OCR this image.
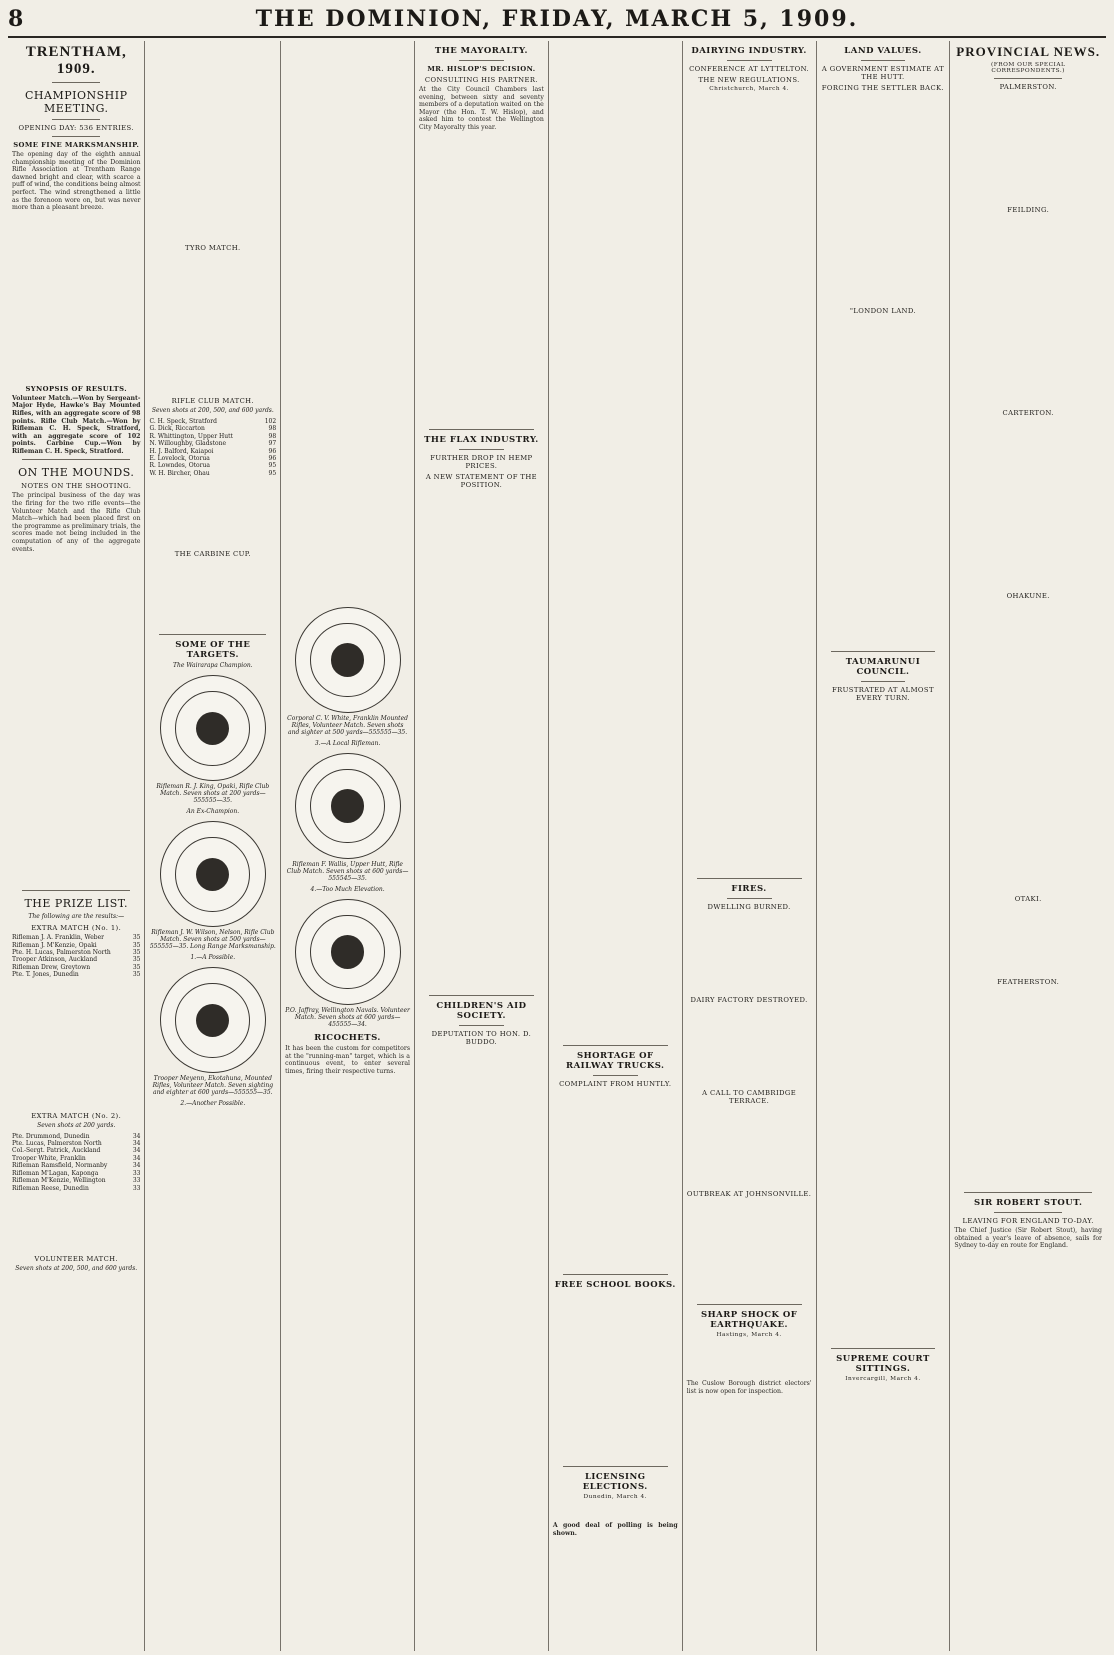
8	THE DOMINION, FRIDAY, MARCH 5, 1909.
TRENTHAM, 1909.
CHAMPIONSHIP MEETING.
OPENING DAY: 536 ENTRIES.
SOME FINE MARKSMANSHIP.

The opening day of the eighth annual championship meeting of the Dominion Rifle Association at Trentham Range dawned bright and clear, with scarce a puff of wind, the conditions being almost perfect. The wind strengthened a little as the forenoon wore on, but was never more than a pleasant breeze.

SYNOPSIS OF RESULTS.

Volunteer Match.—Won by Sergeant-Major Hyde, Hawke's Bay Mounted Rifles, with an aggregate score of 98 points. Rifle Club Match.—Won by Rifleman C. H. Speck, Stratford, with an aggregate score of 102 points. Carbine Cup.—Won by Rifleman C. H. Speck, Stratford.

ON THE MOUNDS.
NOTES ON THE SHOOTING.

The principal business of the day was the firing for the two rifle events—the Volunteer Match and the Rifle Club Match—which had been placed first on the programme as preliminary trials, the scores made not being included in the computation of any of the aggregate events.

THE PRIZE LIST.
The following are the results:—
EXTRA MATCH (No. 1).
Rifleman J. A. Franklin, Weber	35
Rifleman J. M'Kenzie, Opaki	35
Pte. H. Lucas, Palmerston North	35
Trooper Atkinson, Auckland	35
Rifleman Drew, Greytown	35
Pte. T. Jones, Dunedin	35
EXTRA MATCH (No. 2).
Seven shots at 200 yards.
Pte. Drummond, Dunedin	34
Pte. Lucas, Palmerston North	34
Col.-Sergt. Patrick, Auckland	34
Trooper White, Franklin	34
Rifleman Ramsfield, Normanby	34
Rifleman M'Lagan, Kaponga	33
Rifleman M'Kenzie, Wellington	33
Rifleman Reese, Dunedin	33
VOLUNTEER MATCH.
Seven shots at 200, 500, and 600 yards.
TYRO MATCH.
RIFLE CLUB MATCH.
Seven shots at 200, 500, and 600 yards.
C. H. Speck, Stratford	102
G. Dick, Riccarton	98
R. Whittington, Upper Hutt	98
N. Willoughby, Gladstone	97
H. J. Balford, Kaiapoi	96
E. Lovelock, Otorua	96
R. Lowndes, Otorua	95
W. H. Bircher, Ohau	95
THE CARBINE CUP.
SOME OF THE TARGETS.
The Wairarapa Champion.
Rifleman R. J. King, Opaki, Rifle Club Match. Seven shots at 200 yards—555555—35.
An Ex-Champion.
Rifleman J. W. Wilson, Nelson, Rifle Club Match. Seven shots at 500 yards—555555—35. Long Range Marksmanship.
1.—A Possible.
Trooper Meyenn, Ekotahuna, Mounted Rifles, Volunteer Match. Seven sighting and eighter at 600 yards—555555—35.
2.—Another Possible.
Corporal C. V. White, Franklin Mounted Rifles, Volunteer Match. Seven shots and sighter at 500 yards—555555—35.
3.—A Local Rifleman.
Rifleman F. Wallis, Upper Hutt, Rifle Club Match. Seven shots at 600 yards—555545—35.
4.—Too Much Elevation.
P.O. Jaffray, Wellington Navals. Volunteer Match. Seven shots at 600 yards—455555—34.
RICOCHETS.

It has been the custom for competitors at the "running-man" target, which is a continuous event, to enter several times, firing their respective turns.

THE MAYORALTY.
MR. HISLOP'S DECISION.
CONSULTING HIS PARTNER.

At the City Council Chambers last evening, between sixty and seventy members of a deputation waited on the Mayor (the Hon. T. W. Hislop), and asked him to contest the Wellington City Mayoralty this year.

THE FLAX INDUSTRY.
FURTHER DROP IN HEMP PRICES.
A NEW STATEMENT OF THE POSITION.
CHILDREN'S AID SOCIETY.
DEPUTATION TO HON. D. BUDDO.
SHORTAGE OF RAILWAY TRUCKS.
COMPLAINT FROM HUNTLY.
FREE SCHOOL BOOKS.
LICENSING ELECTIONS.
Dunedin, March 4.

A good deal of polling is being shown.

DAIRYING INDUSTRY.
CONFERENCE AT LYTTELTON.
THE NEW REGULATIONS.
Christchurch, March 4.
FIRES.
DWELLING BURNED.
DAIRY FACTORY DESTROYED.
A CALL TO CAMBRIDGE TERRACE.
OUTBREAK AT JOHNSONVILLE.
SHARP SHOCK OF EARTHQUAKE.
Hastings, March 4.

The Cuslow Borough district electors' list is now open for inspection.

LAND VALUES.
A GOVERNMENT ESTIMATE AT THE HUTT.
FORCING THE SETTLER BACK.
"LONDON LAND.
TAUMARUNUI COUNCIL.
FRUSTRATED AT ALMOST EVERY TURN.
SUPREME COURT SITTINGS.
Invercargill, March 4.
PROVINCIAL NEWS.
(FROM OUR SPECIAL CORRESPONDENTS.)
PALMERSTON.
FEILDING.
CARTERTON.
OHAKUNE.
OTAKI.
FEATHERSTON.
SIR ROBERT STOUT.
LEAVING FOR ENGLAND TO-DAY.

The Chief Justice (Sir Robert Stout), having obtained a year's leave of absence, sails for Sydney to-day en route for England.
